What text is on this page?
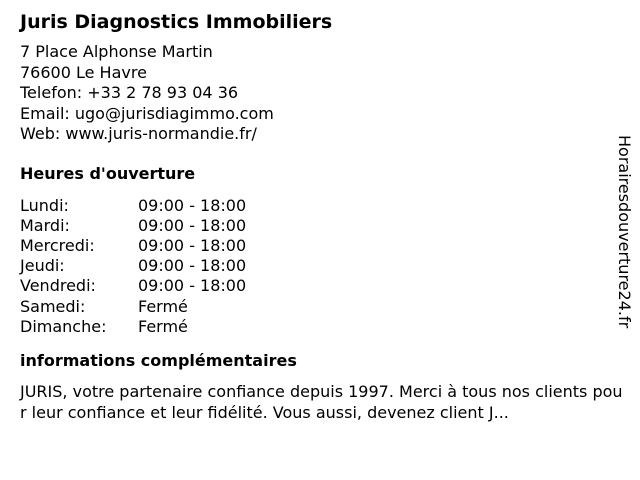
Juris Diagnostics Immobiliers
7 Place Alphonse Martin
76600 Le Havre
Telefon: +33 2 78 93 04 36
Email: ugo@jurisdiagimmo.com
Web: www.juris-normandie.fr/
Heures d'ouverture
Lundi:	09:00 - 18:00
Mardi:	09:00 - 18:00
Mercredi:	09:00 - 18:00
Jeudi:	09:00 - 18:00
Vendredi:	09:00 - 18:00
Samedi:	Fermé
Dimanche:	Fermé
informations complémentaires
JURIS, votre partenaire confiance depuis 1997. Merci à tous nos clients pour leur confiance et leur fidélité. Vous aussi, devenez client J...
Horairesdouverture24.fr
